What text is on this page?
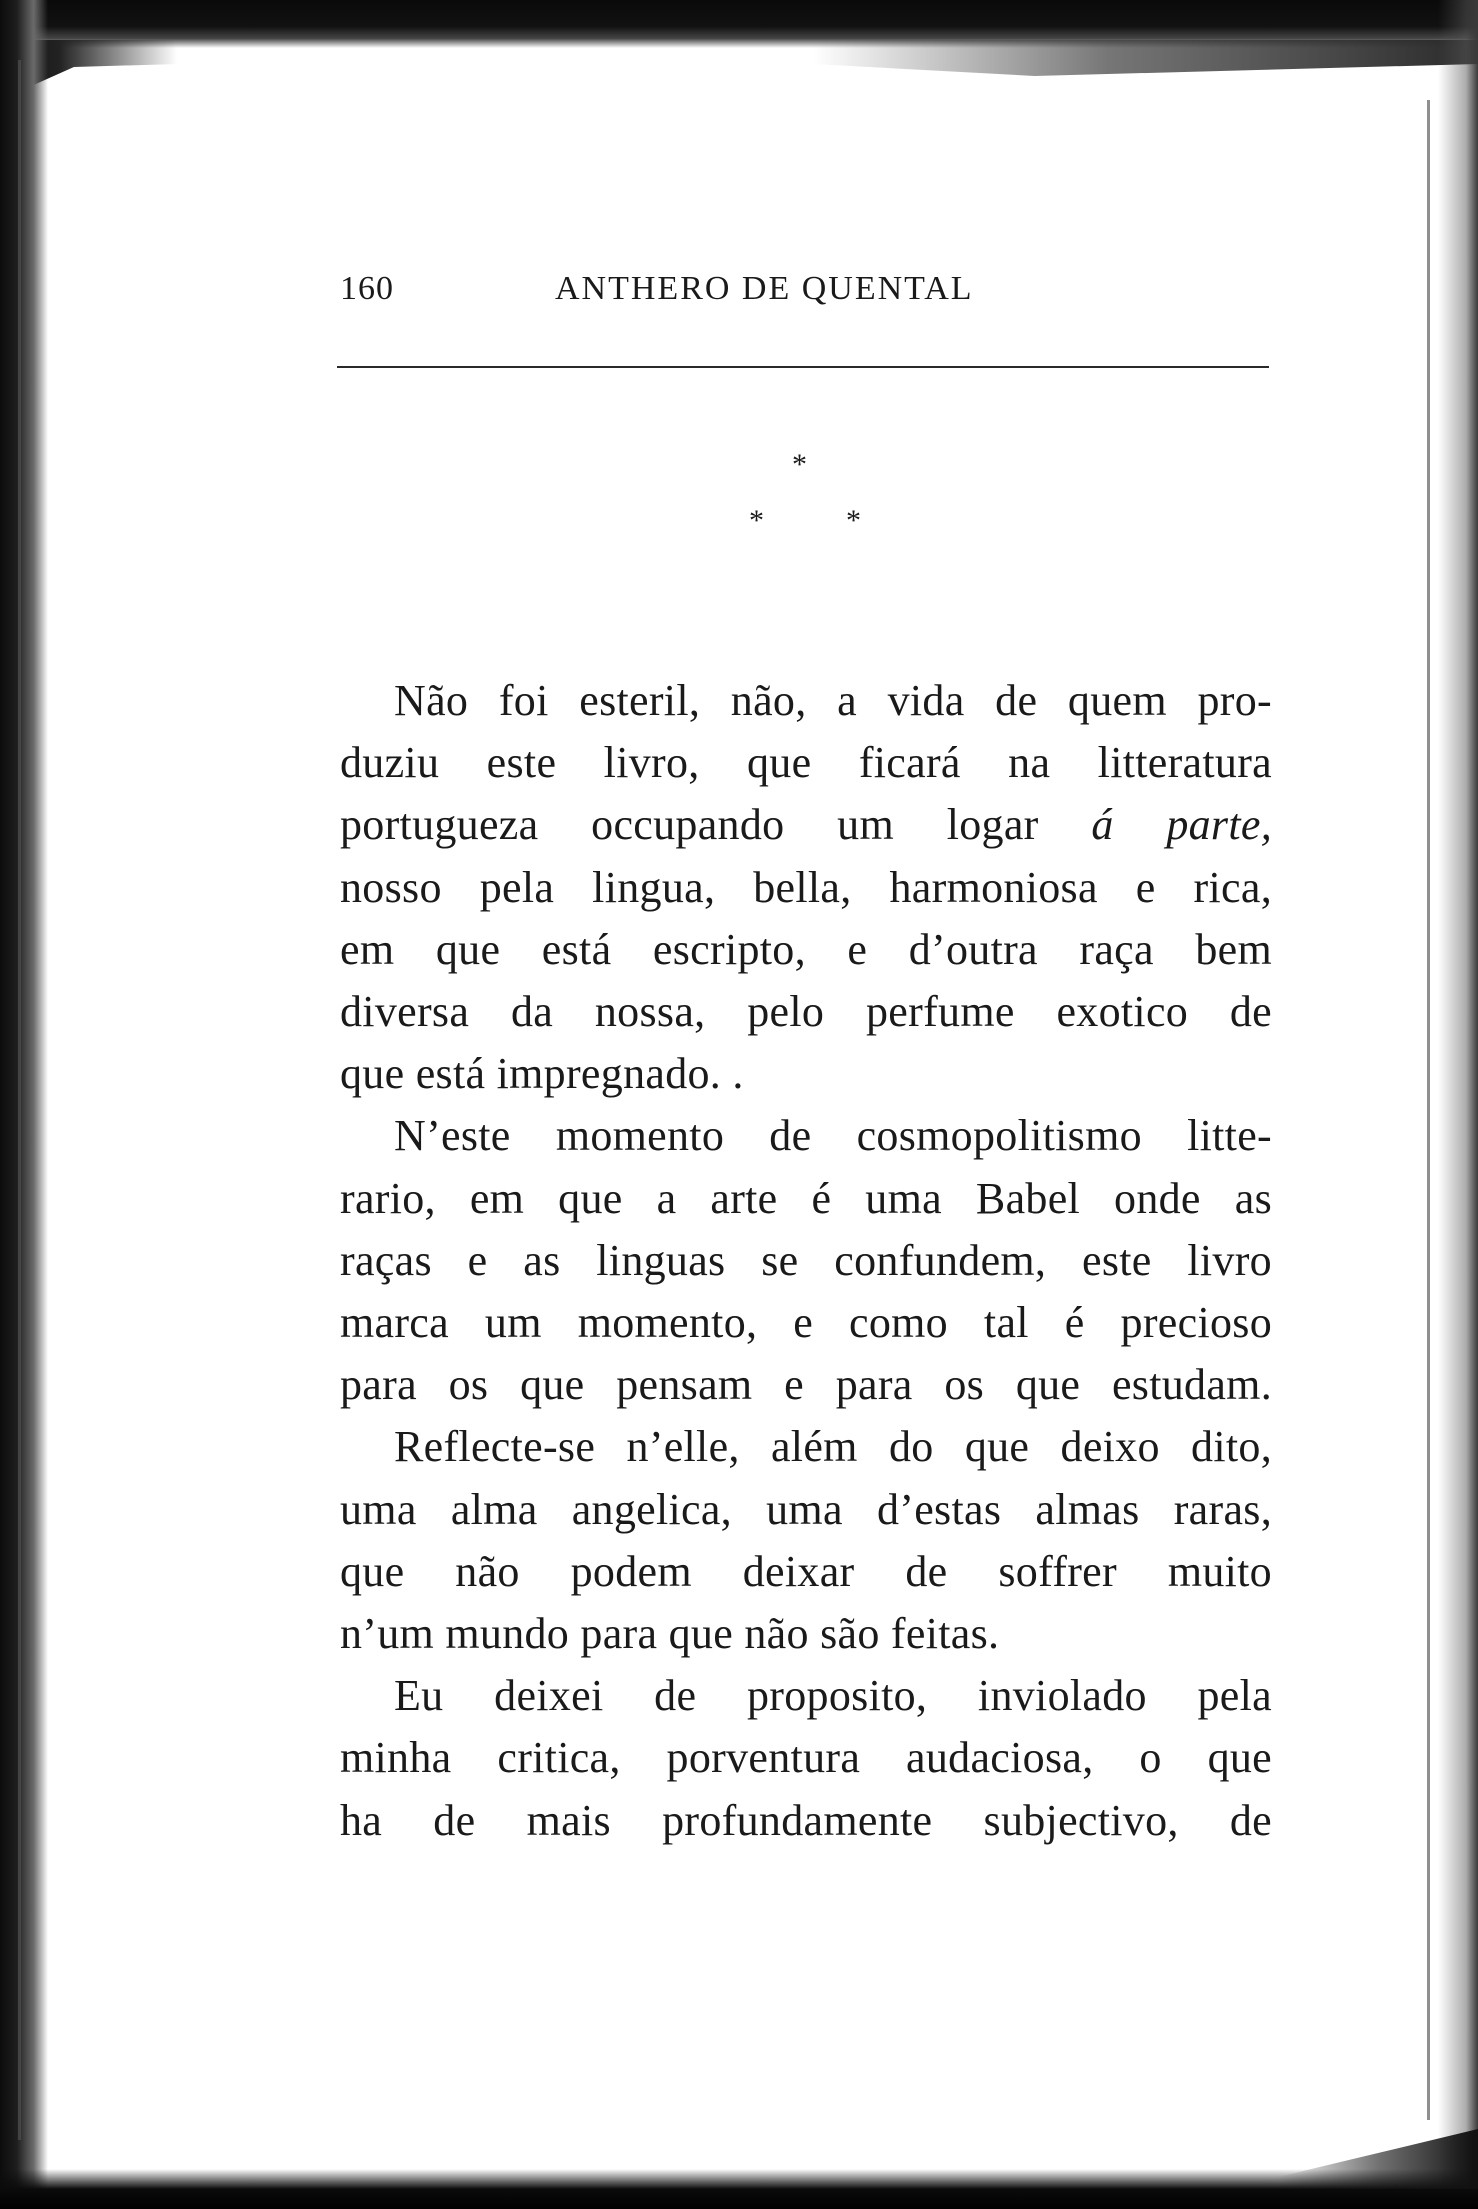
160	ANTHERO DE QUENTAL
*
*	*

Não foi esteril, não, a vida de quem pro-
duziu este livro, que ficará na litteratura
portugueza occupando um logar á parte,
nosso pela lingua, bella, harmoniosa e rica,
em que está escripto, e d’outra raça bem
diversa da nossa, pelo perfume exotico de
que está impregnado. .

N’este momento de cosmopolitismo litte-
rario, em que a arte é uma Babel onde as
raças e as linguas se confundem, este livro
marca um momento, e como tal é precioso
para os que pensam e para os que estudam.

Reflecte-se n’elle, além do que deixo dito,
uma alma angelica, uma d’estas almas raras,
que não podem deixar de soffrer muito
n’um mundo para que não são feitas.

Eu deixei de proposito, inviolado pela
minha critica, porventura audaciosa, o que
ha de mais profundamente subjectivo, de
